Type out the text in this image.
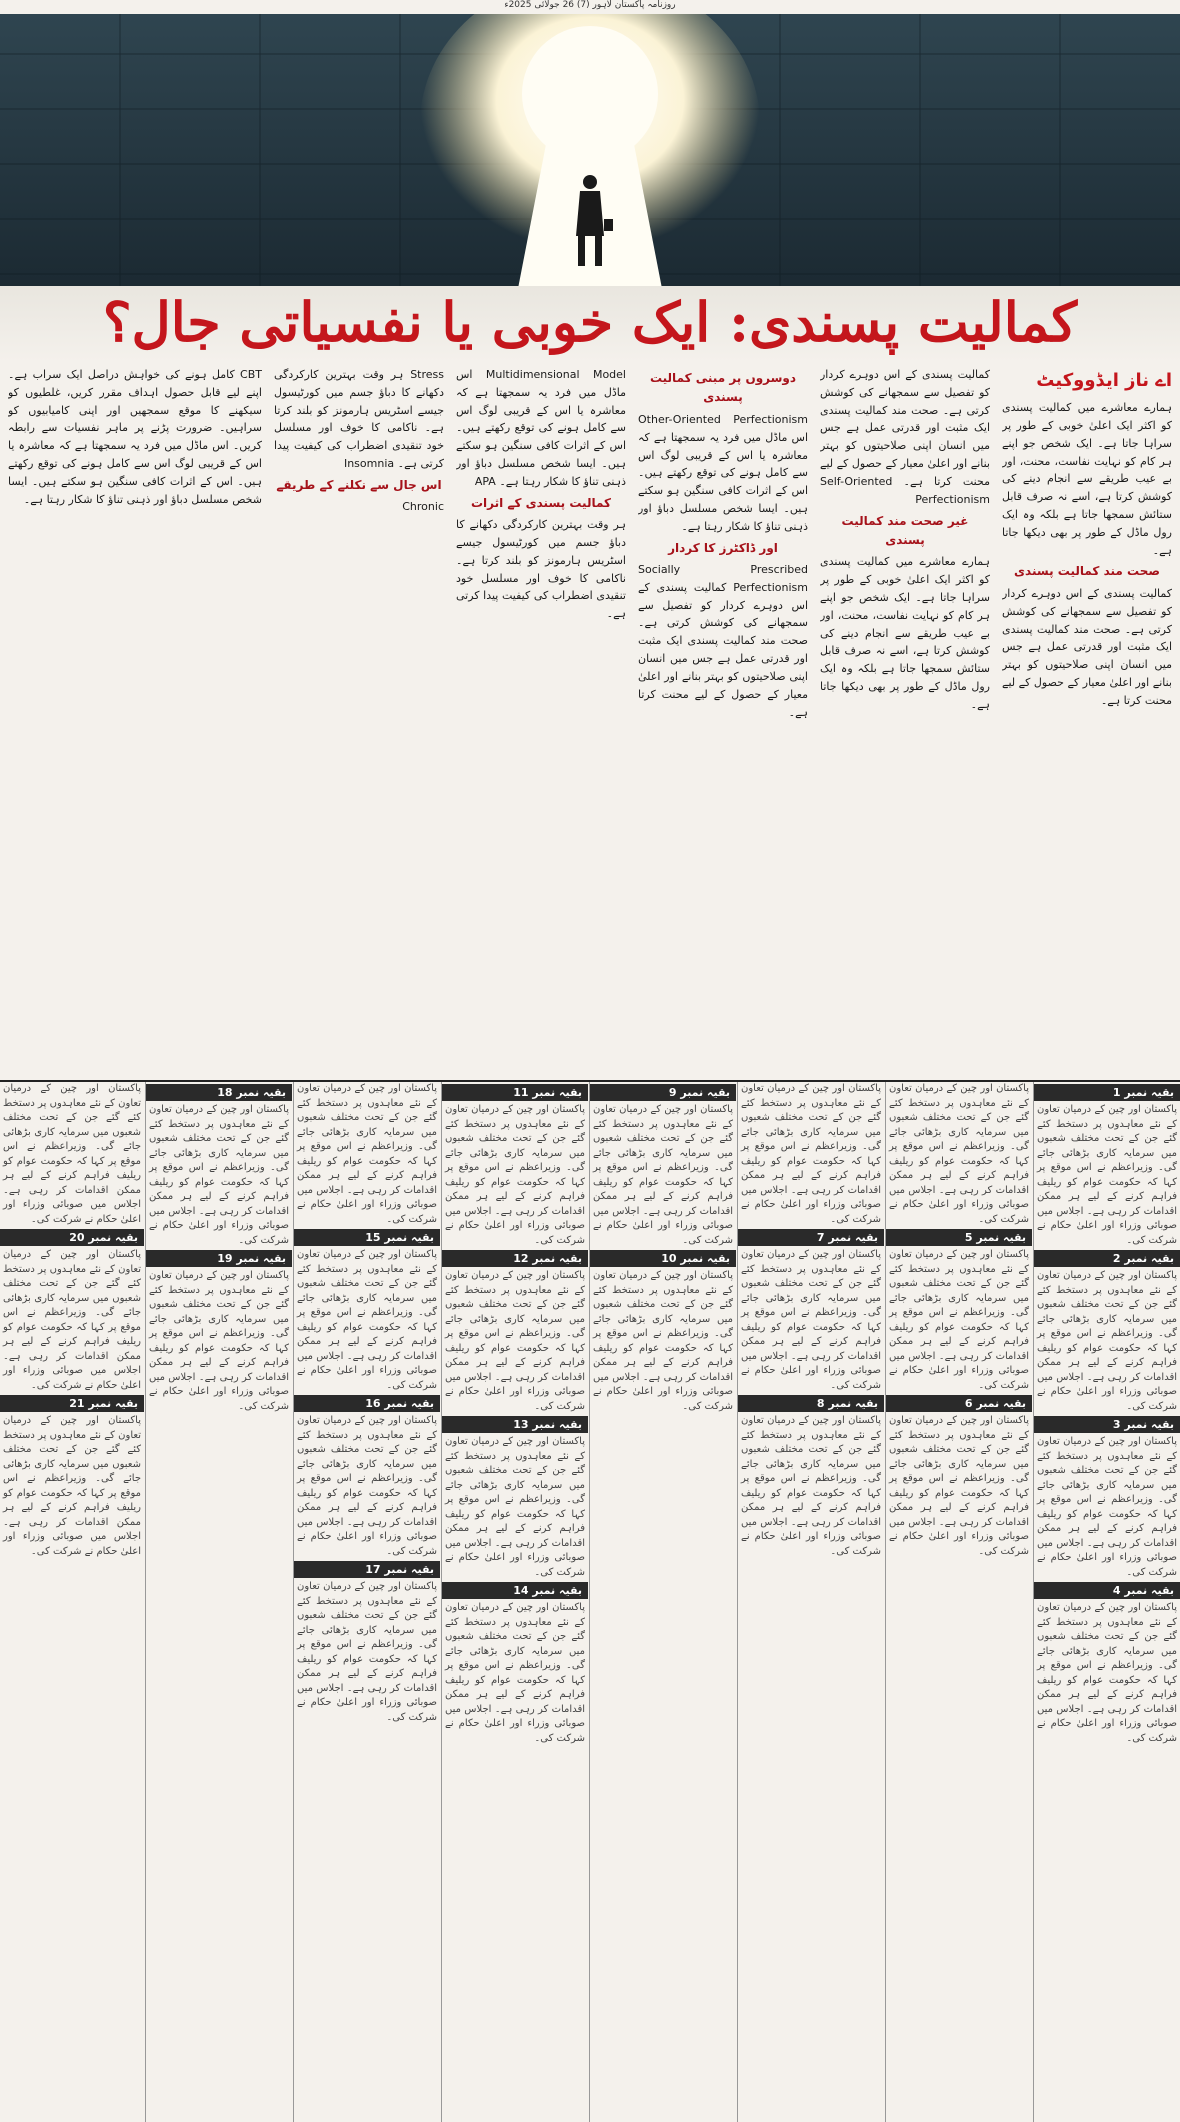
روزنامہ پاکستان لاہور (7) 26 جولائی 2025ء
کمالیت پسندی: ایک خوبی یا نفسیاتی جال؟
اے ناز ایڈووکیٹ
ہمارے معاشرے میں کمالیت پسندی کو اکثر ایک اعلیٰ خوبی کے طور پر سراہا جاتا ہے۔ ایک شخص جو اپنے ہر کام کو نہایت نفاست، محنت، اور بے عیب طریقے سے انجام دینے کی کوشش کرتا ہے، اسے نہ صرف قابل ستائش سمجھا جاتا ہے بلکہ وہ ایک رول ماڈل کے طور پر بھی دیکھا جاتا ہے۔
صحت مند کمالیت پسندی
کمالیت پسندی کے اس دوہرے کردار کو تفصیل سے سمجھانے کی کوشش کرتی ہے۔ صحت مند کمالیت پسندی ایک مثبت اور قدرتی عمل ہے جس میں انسان اپنی صلاحیتوں کو بہتر بنانے اور اعلیٰ معیار کے حصول کے لیے محنت کرتا ہے۔
کمالیت پسندی کے اس دوہرے کردار کو تفصیل سے سمجھانے کی کوشش کرتی ہے۔ صحت مند کمالیت پسندی ایک مثبت اور قدرتی عمل ہے جس میں انسان اپنی صلاحیتوں کو بہتر بنانے اور اعلیٰ معیار کے حصول کے لیے محنت کرتا ہے۔ Self-Oriented Perfectionism
غیر صحت مند کمالیت پسندی
ہمارے معاشرے میں کمالیت پسندی کو اکثر ایک اعلیٰ خوبی کے طور پر سراہا جاتا ہے۔ ایک شخص جو اپنے ہر کام کو نہایت نفاست، محنت، اور بے عیب طریقے سے انجام دینے کی کوشش کرتا ہے، اسے نہ صرف قابل ستائش سمجھا جاتا ہے بلکہ وہ ایک رول ماڈل کے طور پر بھی دیکھا جاتا ہے۔
دوسروں پر مبنی کمالیت پسندی
Other-Oriented Perfectionism اس ماڈل میں فرد یہ سمجھتا ہے کہ معاشرہ یا اس کے قریبی لوگ اس سے کامل ہونے کی توقع رکھتے ہیں۔ اس کے اثرات کافی سنگین ہو سکتے ہیں۔ ایسا شخص مسلسل دباؤ اور ذہنی تناؤ کا شکار رہتا ہے۔
اور ڈاکٹرز کا کردار
Socially Prescribed Perfectionism کمالیت پسندی کے اس دوہرے کردار کو تفصیل سے سمجھانے کی کوشش کرتی ہے۔ صحت مند کمالیت پسندی ایک مثبت اور قدرتی عمل ہے جس میں انسان اپنی صلاحیتوں کو بہتر بنانے اور اعلیٰ معیار کے حصول کے لیے محنت کرتا ہے۔
Multidimensional Model اس ماڈل میں فرد یہ سمجھتا ہے کہ معاشرہ یا اس کے قریبی لوگ اس سے کامل ہونے کی توقع رکھتے ہیں۔ اس کے اثرات کافی سنگین ہو سکتے ہیں۔ ایسا شخص مسلسل دباؤ اور ذہنی تناؤ کا شکار رہتا ہے۔ APA
کمالیت پسندی کے اثرات
ہر وقت بہترین کارکردگی دکھانے کا دباؤ جسم میں کورٹیسول جیسے اسٹریس ہارمونز کو بلند کرتا ہے۔ ناکامی کا خوف اور مسلسل خود تنقیدی اضطراب کی کیفیت پیدا کرتی ہے۔
Stress ہر وقت بہترین کارکردگی دکھانے کا دباؤ جسم میں کورٹیسول جیسے اسٹریس ہارمونز کو بلند کرتا ہے۔ ناکامی کا خوف اور مسلسل خود تنقیدی اضطراب کی کیفیت پیدا کرتی ہے۔ Insomnia
اس جال سے نکلنے کے طریقے
Chronic
CBT کامل ہونے کی خواہش دراصل ایک سراب ہے۔ اپنے لیے قابل حصول اہداف مقرر کریں، غلطیوں کو سیکھنے کا موقع سمجھیں اور اپنی کامیابیوں کو سراہیں۔ ضرورت پڑنے پر ماہر نفسیات سے رابطہ کریں۔ اس ماڈل میں فرد یہ سمجھتا ہے کہ معاشرہ یا اس کے قریبی لوگ اس سے کامل ہونے کی توقع رکھتے ہیں۔ اس کے اثرات کافی سنگین ہو سکتے ہیں۔ ایسا شخص مسلسل دباؤ اور ذہنی تناؤ کا شکار رہتا ہے۔
بقیہ نمبر 1
پاکستان اور چین کے درمیان تعاون کے نئے معاہدوں پر دستخط کئے گئے جن کے تحت مختلف شعبوں میں سرمایہ کاری بڑھائی جائے گی۔ وزیراعظم نے اس موقع پر کہا کہ حکومت عوام کو ریلیف فراہم کرنے کے لیے ہر ممکن اقدامات کر رہی ہے۔ اجلاس میں صوبائی وزراء اور اعلیٰ حکام نے شرکت کی۔
بقیہ نمبر 2
پاکستان اور چین کے درمیان تعاون کے نئے معاہدوں پر دستخط کئے گئے جن کے تحت مختلف شعبوں میں سرمایہ کاری بڑھائی جائے گی۔ وزیراعظم نے اس موقع پر کہا کہ حکومت عوام کو ریلیف فراہم کرنے کے لیے ہر ممکن اقدامات کر رہی ہے۔ اجلاس میں صوبائی وزراء اور اعلیٰ حکام نے شرکت کی۔
بقیہ نمبر 3
پاکستان اور چین کے درمیان تعاون کے نئے معاہدوں پر دستخط کئے گئے جن کے تحت مختلف شعبوں میں سرمایہ کاری بڑھائی جائے گی۔ وزیراعظم نے اس موقع پر کہا کہ حکومت عوام کو ریلیف فراہم کرنے کے لیے ہر ممکن اقدامات کر رہی ہے۔ اجلاس میں صوبائی وزراء اور اعلیٰ حکام نے شرکت کی۔
بقیہ نمبر 4
پاکستان اور چین کے درمیان تعاون کے نئے معاہدوں پر دستخط کئے گئے جن کے تحت مختلف شعبوں میں سرمایہ کاری بڑھائی جائے گی۔ وزیراعظم نے اس موقع پر کہا کہ حکومت عوام کو ریلیف فراہم کرنے کے لیے ہر ممکن اقدامات کر رہی ہے۔ اجلاس میں صوبائی وزراء اور اعلیٰ حکام نے شرکت کی۔
پاکستان اور چین کے درمیان تعاون کے نئے معاہدوں پر دستخط کئے گئے جن کے تحت مختلف شعبوں میں سرمایہ کاری بڑھائی جائے گی۔ وزیراعظم نے اس موقع پر کہا کہ حکومت عوام کو ریلیف فراہم کرنے کے لیے ہر ممکن اقدامات کر رہی ہے۔ اجلاس میں صوبائی وزراء اور اعلیٰ حکام نے شرکت کی۔
بقیہ نمبر 5
پاکستان اور چین کے درمیان تعاون کے نئے معاہدوں پر دستخط کئے گئے جن کے تحت مختلف شعبوں میں سرمایہ کاری بڑھائی جائے گی۔ وزیراعظم نے اس موقع پر کہا کہ حکومت عوام کو ریلیف فراہم کرنے کے لیے ہر ممکن اقدامات کر رہی ہے۔ اجلاس میں صوبائی وزراء اور اعلیٰ حکام نے شرکت کی۔
بقیہ نمبر 6
پاکستان اور چین کے درمیان تعاون کے نئے معاہدوں پر دستخط کئے گئے جن کے تحت مختلف شعبوں میں سرمایہ کاری بڑھائی جائے گی۔ وزیراعظم نے اس موقع پر کہا کہ حکومت عوام کو ریلیف فراہم کرنے کے لیے ہر ممکن اقدامات کر رہی ہے۔ اجلاس میں صوبائی وزراء اور اعلیٰ حکام نے شرکت کی۔
پاکستان اور چین کے درمیان تعاون کے نئے معاہدوں پر دستخط کئے گئے جن کے تحت مختلف شعبوں میں سرمایہ کاری بڑھائی جائے گی۔ وزیراعظم نے اس موقع پر کہا کہ حکومت عوام کو ریلیف فراہم کرنے کے لیے ہر ممکن اقدامات کر رہی ہے۔ اجلاس میں صوبائی وزراء اور اعلیٰ حکام نے شرکت کی۔
بقیہ نمبر 7
پاکستان اور چین کے درمیان تعاون کے نئے معاہدوں پر دستخط کئے گئے جن کے تحت مختلف شعبوں میں سرمایہ کاری بڑھائی جائے گی۔ وزیراعظم نے اس موقع پر کہا کہ حکومت عوام کو ریلیف فراہم کرنے کے لیے ہر ممکن اقدامات کر رہی ہے۔ اجلاس میں صوبائی وزراء اور اعلیٰ حکام نے شرکت کی۔
بقیہ نمبر 8
پاکستان اور چین کے درمیان تعاون کے نئے معاہدوں پر دستخط کئے گئے جن کے تحت مختلف شعبوں میں سرمایہ کاری بڑھائی جائے گی۔ وزیراعظم نے اس موقع پر کہا کہ حکومت عوام کو ریلیف فراہم کرنے کے لیے ہر ممکن اقدامات کر رہی ہے۔ اجلاس میں صوبائی وزراء اور اعلیٰ حکام نے شرکت کی۔
بقیہ نمبر 9
پاکستان اور چین کے درمیان تعاون کے نئے معاہدوں پر دستخط کئے گئے جن کے تحت مختلف شعبوں میں سرمایہ کاری بڑھائی جائے گی۔ وزیراعظم نے اس موقع پر کہا کہ حکومت عوام کو ریلیف فراہم کرنے کے لیے ہر ممکن اقدامات کر رہی ہے۔ اجلاس میں صوبائی وزراء اور اعلیٰ حکام نے شرکت کی۔
بقیہ نمبر 10
پاکستان اور چین کے درمیان تعاون کے نئے معاہدوں پر دستخط کئے گئے جن کے تحت مختلف شعبوں میں سرمایہ کاری بڑھائی جائے گی۔ وزیراعظم نے اس موقع پر کہا کہ حکومت عوام کو ریلیف فراہم کرنے کے لیے ہر ممکن اقدامات کر رہی ہے۔ اجلاس میں صوبائی وزراء اور اعلیٰ حکام نے شرکت کی۔
بقیہ نمبر 11
پاکستان اور چین کے درمیان تعاون کے نئے معاہدوں پر دستخط کئے گئے جن کے تحت مختلف شعبوں میں سرمایہ کاری بڑھائی جائے گی۔ وزیراعظم نے اس موقع پر کہا کہ حکومت عوام کو ریلیف فراہم کرنے کے لیے ہر ممکن اقدامات کر رہی ہے۔ اجلاس میں صوبائی وزراء اور اعلیٰ حکام نے شرکت کی۔
بقیہ نمبر 12
پاکستان اور چین کے درمیان تعاون کے نئے معاہدوں پر دستخط کئے گئے جن کے تحت مختلف شعبوں میں سرمایہ کاری بڑھائی جائے گی۔ وزیراعظم نے اس موقع پر کہا کہ حکومت عوام کو ریلیف فراہم کرنے کے لیے ہر ممکن اقدامات کر رہی ہے۔ اجلاس میں صوبائی وزراء اور اعلیٰ حکام نے شرکت کی۔
بقیہ نمبر 13
پاکستان اور چین کے درمیان تعاون کے نئے معاہدوں پر دستخط کئے گئے جن کے تحت مختلف شعبوں میں سرمایہ کاری بڑھائی جائے گی۔ وزیراعظم نے اس موقع پر کہا کہ حکومت عوام کو ریلیف فراہم کرنے کے لیے ہر ممکن اقدامات کر رہی ہے۔ اجلاس میں صوبائی وزراء اور اعلیٰ حکام نے شرکت کی۔
بقیہ نمبر 14
پاکستان اور چین کے درمیان تعاون کے نئے معاہدوں پر دستخط کئے گئے جن کے تحت مختلف شعبوں میں سرمایہ کاری بڑھائی جائے گی۔ وزیراعظم نے اس موقع پر کہا کہ حکومت عوام کو ریلیف فراہم کرنے کے لیے ہر ممکن اقدامات کر رہی ہے۔ اجلاس میں صوبائی وزراء اور اعلیٰ حکام نے شرکت کی۔
پاکستان اور چین کے درمیان تعاون کے نئے معاہدوں پر دستخط کئے گئے جن کے تحت مختلف شعبوں میں سرمایہ کاری بڑھائی جائے گی۔ وزیراعظم نے اس موقع پر کہا کہ حکومت عوام کو ریلیف فراہم کرنے کے لیے ہر ممکن اقدامات کر رہی ہے۔ اجلاس میں صوبائی وزراء اور اعلیٰ حکام نے شرکت کی۔
بقیہ نمبر 15
پاکستان اور چین کے درمیان تعاون کے نئے معاہدوں پر دستخط کئے گئے جن کے تحت مختلف شعبوں میں سرمایہ کاری بڑھائی جائے گی۔ وزیراعظم نے اس موقع پر کہا کہ حکومت عوام کو ریلیف فراہم کرنے کے لیے ہر ممکن اقدامات کر رہی ہے۔ اجلاس میں صوبائی وزراء اور اعلیٰ حکام نے شرکت کی۔
بقیہ نمبر 16
پاکستان اور چین کے درمیان تعاون کے نئے معاہدوں پر دستخط کئے گئے جن کے تحت مختلف شعبوں میں سرمایہ کاری بڑھائی جائے گی۔ وزیراعظم نے اس موقع پر کہا کہ حکومت عوام کو ریلیف فراہم کرنے کے لیے ہر ممکن اقدامات کر رہی ہے۔ اجلاس میں صوبائی وزراء اور اعلیٰ حکام نے شرکت کی۔
بقیہ نمبر 17
پاکستان اور چین کے درمیان تعاون کے نئے معاہدوں پر دستخط کئے گئے جن کے تحت مختلف شعبوں میں سرمایہ کاری بڑھائی جائے گی۔ وزیراعظم نے اس موقع پر کہا کہ حکومت عوام کو ریلیف فراہم کرنے کے لیے ہر ممکن اقدامات کر رہی ہے۔ اجلاس میں صوبائی وزراء اور اعلیٰ حکام نے شرکت کی۔
بقیہ نمبر 18
پاکستان اور چین کے درمیان تعاون کے نئے معاہدوں پر دستخط کئے گئے جن کے تحت مختلف شعبوں میں سرمایہ کاری بڑھائی جائے گی۔ وزیراعظم نے اس موقع پر کہا کہ حکومت عوام کو ریلیف فراہم کرنے کے لیے ہر ممکن اقدامات کر رہی ہے۔ اجلاس میں صوبائی وزراء اور اعلیٰ حکام نے شرکت کی۔
بقیہ نمبر 19
پاکستان اور چین کے درمیان تعاون کے نئے معاہدوں پر دستخط کئے گئے جن کے تحت مختلف شعبوں میں سرمایہ کاری بڑھائی جائے گی۔ وزیراعظم نے اس موقع پر کہا کہ حکومت عوام کو ریلیف فراہم کرنے کے لیے ہر ممکن اقدامات کر رہی ہے۔ اجلاس میں صوبائی وزراء اور اعلیٰ حکام نے شرکت کی۔
پاکستان اور چین کے درمیان تعاون کے نئے معاہدوں پر دستخط کئے گئے جن کے تحت مختلف شعبوں میں سرمایہ کاری بڑھائی جائے گی۔ وزیراعظم نے اس موقع پر کہا کہ حکومت عوام کو ریلیف فراہم کرنے کے لیے ہر ممکن اقدامات کر رہی ہے۔ اجلاس میں صوبائی وزراء اور اعلیٰ حکام نے شرکت کی۔
بقیہ نمبر 20
پاکستان اور چین کے درمیان تعاون کے نئے معاہدوں پر دستخط کئے گئے جن کے تحت مختلف شعبوں میں سرمایہ کاری بڑھائی جائے گی۔ وزیراعظم نے اس موقع پر کہا کہ حکومت عوام کو ریلیف فراہم کرنے کے لیے ہر ممکن اقدامات کر رہی ہے۔ اجلاس میں صوبائی وزراء اور اعلیٰ حکام نے شرکت کی۔
بقیہ نمبر 21
پاکستان اور چین کے درمیان تعاون کے نئے معاہدوں پر دستخط کئے گئے جن کے تحت مختلف شعبوں میں سرمایہ کاری بڑھائی جائے گی۔ وزیراعظم نے اس موقع پر کہا کہ حکومت عوام کو ریلیف فراہم کرنے کے لیے ہر ممکن اقدامات کر رہی ہے۔ اجلاس میں صوبائی وزراء اور اعلیٰ حکام نے شرکت کی۔
